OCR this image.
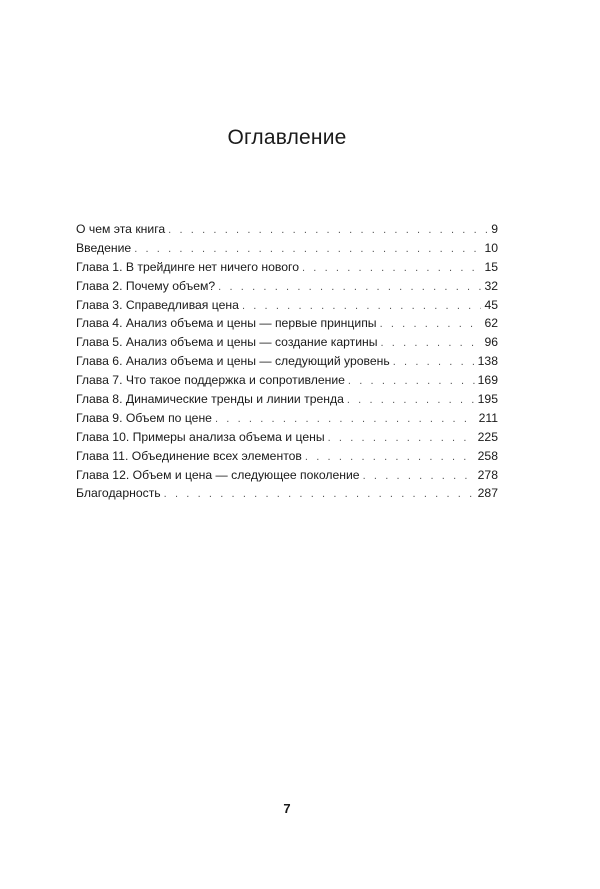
Оглавление
О чем эта книга . . .	9
Введение . . .	10
Глава 1. В трейдинге нет ничего нового . . .	15
Глава 2. Почему объем? . . .	32
Глава 3. Справедливая цена . . .	45
Глава 4. Анализ объема и цены — первые принципы . . .	62
Глава 5. Анализ объема и цены — создание картины . . .	96
Глава 6. Анализ объема и цены — следующий уровень . . .	138
Глава 7. Что такое поддержка и сопротивление . . .	169
Глава 8. Динамические тренды и линии тренда . . .	195
Глава 9. Объем по цене . . .	211
Глава 10. Примеры анализа объема и цены . . .	225
Глава 11. Объединение всех элементов . . .	258
Глава 12. Объем и цена — следующее поколение . . .	278
Благодарность . . .	287
7
